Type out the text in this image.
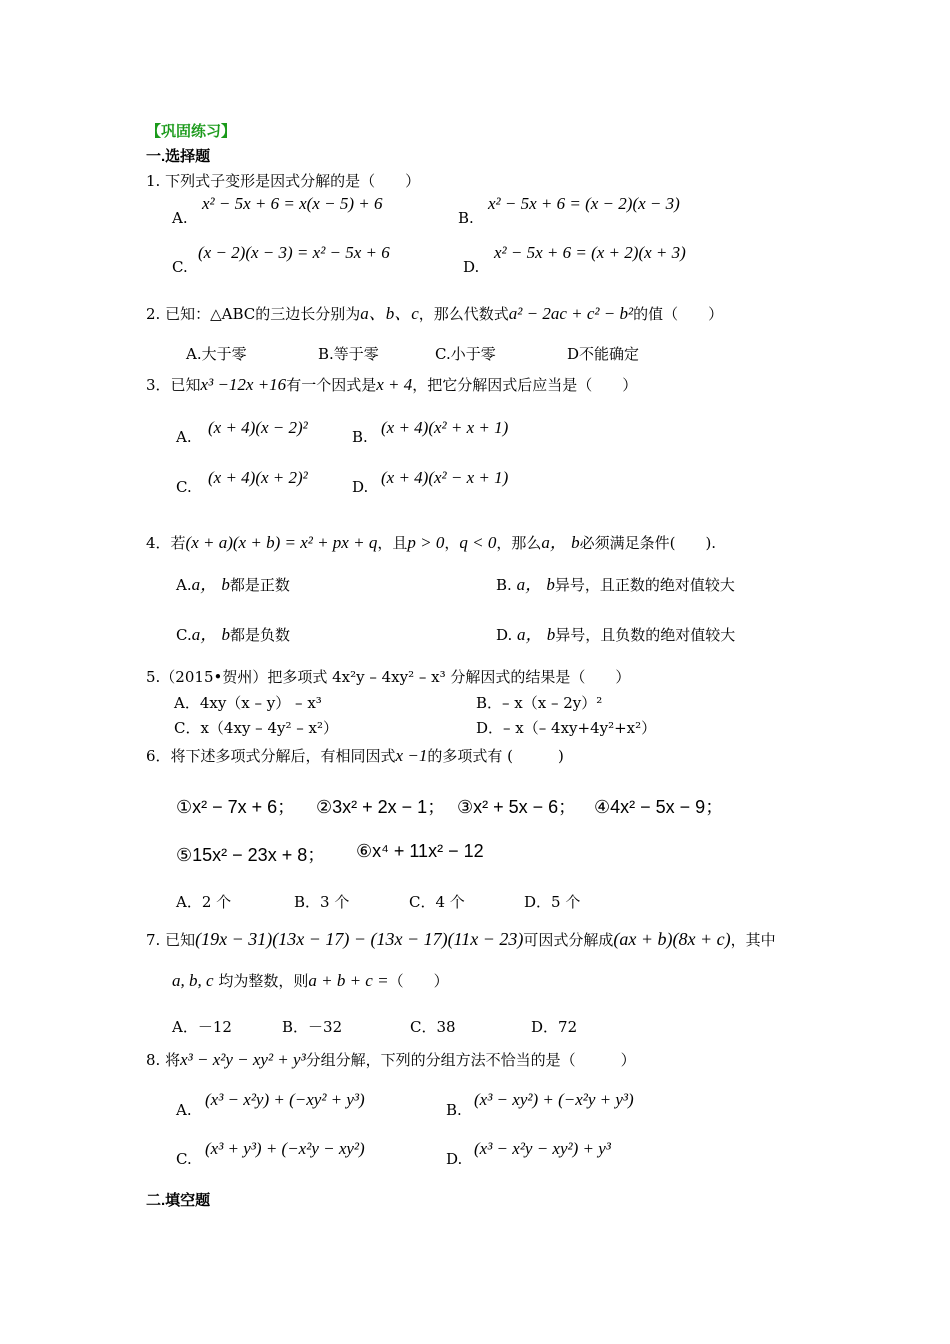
【巩固练习】
一.选择题
1. 下列式子变形是因式分解的是（　　）
A.
x² − 5x + 6 = x(x − 5) + 6
B.
x² − 5x + 6 = (x − 2)(x − 3)
C.
(x − 2)(x − 3) = x² − 5x + 6
D.
x² − 5x + 6 = (x + 2)(x + 3)
2. 已知：△ABC的三边长分别为a、b、c，那么代数式a² − 2ac + c² − b²的值（　　）
A.大于零	B.等于零	C.小于零	D不能确定
3．已知x³ −12x +16有一个因式是x + 4，把它分解因式后应当是（　　）
A. (x + 4)(x − 2)²	B. (x + 4)(x² + x + 1)
C. (x + 4)(x + 2)²	D. (x + 4)(x² − x + 1)
4．若(x + a)(x + b) = x² + px + q，且p > 0，q < 0，那么a， b必须满足条件(　　).
A.a， b都是正数	B. a， b异号，且正数的绝对值较大
C.a， b都是负数	D. a， b异号，且负数的绝对值较大
5.（2015•贺州）把多项式 4x²y – 4xy² – x³ 分解因式的结果是（　　）
A．4xy（x – y） – x³	B．– x（x – 2y）²
C．x（4xy – 4y² – x²）	D．– x（– 4xy+4y²+x²）
6．将下述多项式分解后，有相同因式x −1的多项式有 (　　　)
①x² − 7x + 6； ②3x² + 2x − 1； ③x² + 5x − 6； ④4x² − 5x − 9；
⑤15x² − 23x + 8； ⑥x⁴ + 11x² − 12
A．2 个	B．3 个	C．4 个	D．5 个
7. 已知(19x − 31)(13x − 17) − (13x − 17)(11x − 23)可因式分解成(ax + b)(8x + c)，其中
a, b, c 均为整数，则a + b + c =（　　）
A．－12	B．－32	C．38	D．72
8. 将x³ − x²y − xy² + y³分组分解，下列的分组方法不恰当的是（　　　）
A.
(x³ − x²y) + (−xy² + y³)
B.
(x³ − xy²) + (−x²y + y³)
C.
(x³ + y³) + (−x²y − xy²)
D.
(x³ − x²y − xy²) + y³
二.填空题
